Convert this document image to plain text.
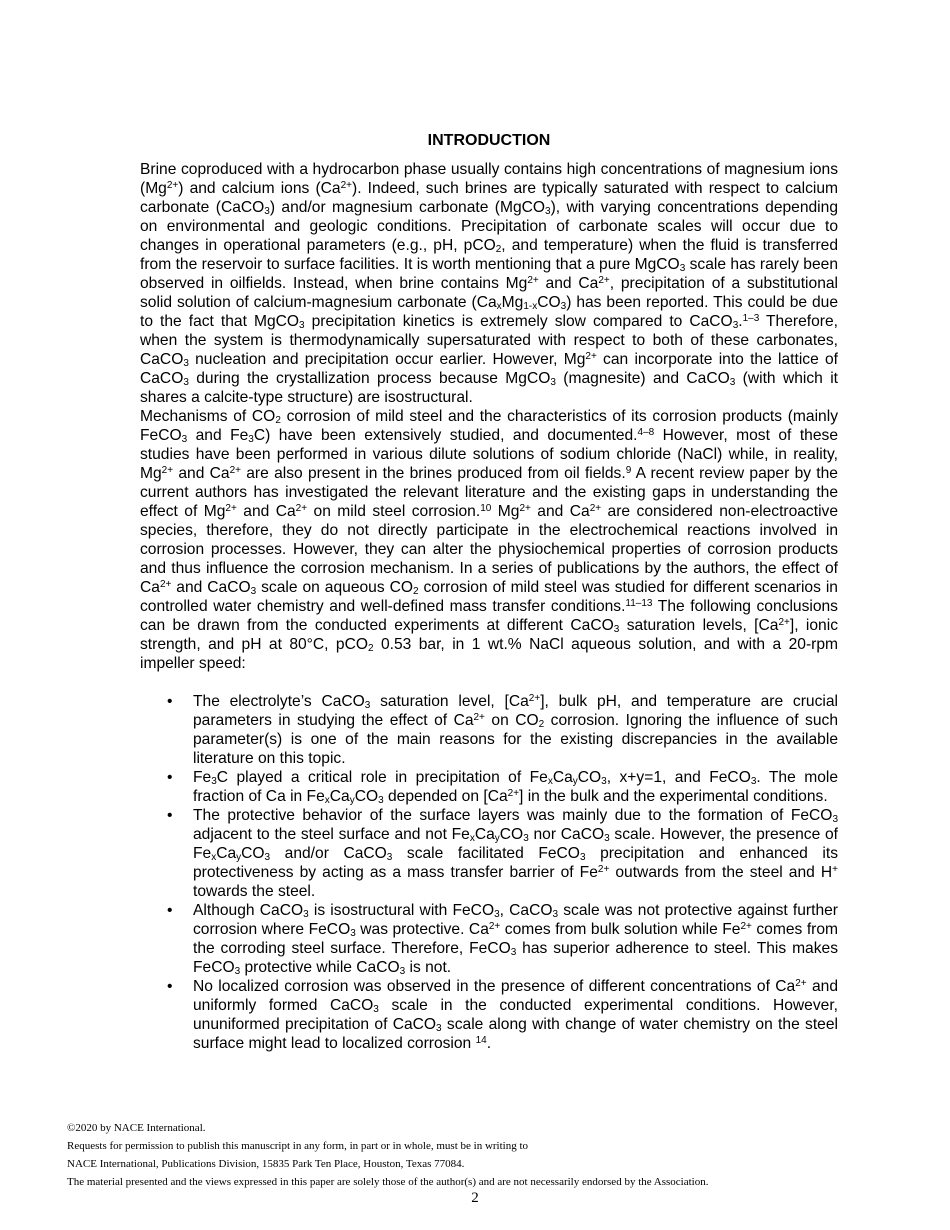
INTRODUCTION

Brine coproduced with a hydrocarbon phase usually contains high concentrations of magnesium ions $(Mg^{2+})$ and calcium ions $(Ca^{2+})$. Indeed, such brines are typically saturated with respect to calcium carbonate (CaCO$_3$) and/or magnesium carbonate (MgCO$_3$), with varying concentrations depending on environmental and geologic conditions. Precipitation of carbonate scales will occur due to changes in operational parameters (e.g., pH, pCO$_2$, and temperature) when the fluid is transferred from the reservoir to surface facilities. It is worth mentioning that a pure MgCO$_3$ scale has rarely been observed in oilfields. Instead, when brine contains $Mg^{2+}$ and $Ca^{2+}$, precipitation of a substitutional solid solution of calcium-magnesium carbonate $(Ca_xMg_{1-x}CO_3)$ has been reported. This could be due to the fact that MgCO$_3$ precipitation kinetics is extremely slow compared to CaCO$_3$.$^{1-3}$ Therefore, when the system is thermodynamically supersaturated with respect to both of these carbonates, CaCO$_3$ nucleation and precipitation occur earlier. However, $Mg^{2+}$ can incorporate into the lattice of CaCO$_3$ during the crystallization process because MgCO$_3$ (magnesite) and CaCO$_3$ (with which it shares a calcite-type structure) are isostructural.

Mechanisms of $CO_2$ corrosion of mild steel and the characteristics of its corrosion products (mainly FeCO$_3$ and $Fe_3C$) have been extensively studied, and documented.$^{4-8}$ However, most of these studies have been performed in various dilute solutions of sodium chloride (NaCl) while, in reality, $Mg^{2+}$ and $Ca^{2+}$ are also present in the brines produced from oil fields.$^9$ A recent review paper by the current authors has investigated the relevant literature and the existing gaps in understanding the effect of $Mg^{2+}$ and $Ca^{2+}$ on mild steel corrosion.$^{10}$ $Mg^{2+}$ and $Ca^{2+}$ are considered non-electroactive species, therefore, they do not directly participate in the electrochemical reactions involved in corrosion processes. However, they can alter the physiochemical properties of corrosion products and thus influence the corrosion mechanism. In a series of publications by the authors, the effect of $Ca^{2+}$ and CaCO$_3$ scale on aqueous $CO_2$ corrosion of mild steel was studied for different scenarios in controlled water chemistry and well-defined mass transfer conditions.$^{11-13}$ The following conclusions can be drawn from the conducted experiments at different CaCO$_3$ saturation levels, $[Ca^{2+}]$, ionic strength, and pH at 80°C, pCO$_2$ 0.53 bar, in 1 wt.% NaCl aqueous solution, and with a 20-rpm impeller speed:

• The electrolyte’s CaCO$_3$ saturation level, $[Ca^{2+}]$, bulk pH, and temperature are crucial parameters in studying the effect of $Ca^{2+}$ on $CO_2$ corrosion. Ignoring the influence of such parameter(s) is one of the main reasons for the existing discrepancies in the available literature on this topic.
• $Fe_3C$ played a critical role in precipitation of $Fe_xCa_yCO_3$, x+y=1, and FeCO$_3$. The mole fraction of Ca in $Fe_xCa_yCO_3$ depended on $[Ca^{2+}]$ in the bulk and the experimental conditions.
• The protective behavior of the surface layers was mainly due to the formation of FeCO$_3$ adjacent to the steel surface and not $Fe_xCa_yCO_3$ nor CaCO$_3$ scale. However, the presence of $Fe_xCa_yCO_3$ and/or CaCO$_3$ scale facilitated FeCO$_3$ precipitation and enhanced its protectiveness by acting as a mass transfer barrier of $Fe^{2+}$ outwards from the steel and H+ towards the steel.
• Although CaCO$_3$ is isostructural with FeCO$_3$, CaCO$_3$ scale was not protective against further corrosion where FeCO$_3$ was protective. $Ca^{2+}$ comes from bulk solution while $Fe^{2+}$ comes from the corroding steel surface. Therefore, FeCO$_3$ has superior adherence to steel. This makes FeCO$_3$ protective while CaCO$_3$ is not.
• No localized corrosion was observed in the presence of different concentrations of $Ca^{2+}$ and uniformly formed CaCO$_3$ scale in the conducted experimental conditions. However, ununiformed precipitation of CaCO$_3$ scale along with change of water chemistry on the steel surface might lead to localized corrosion $^{14}$.
©2020 by NACE International.
Requests for permission to publish this manuscript in any form, in part or in whole, must be in writing to
NACE International, Publications Division, 15835 Park Ten Place, Houston, Texas 77084.
The material presented and the views expressed in this paper are solely those of the author(s) and are not necessarily endorsed by the Association.
2
